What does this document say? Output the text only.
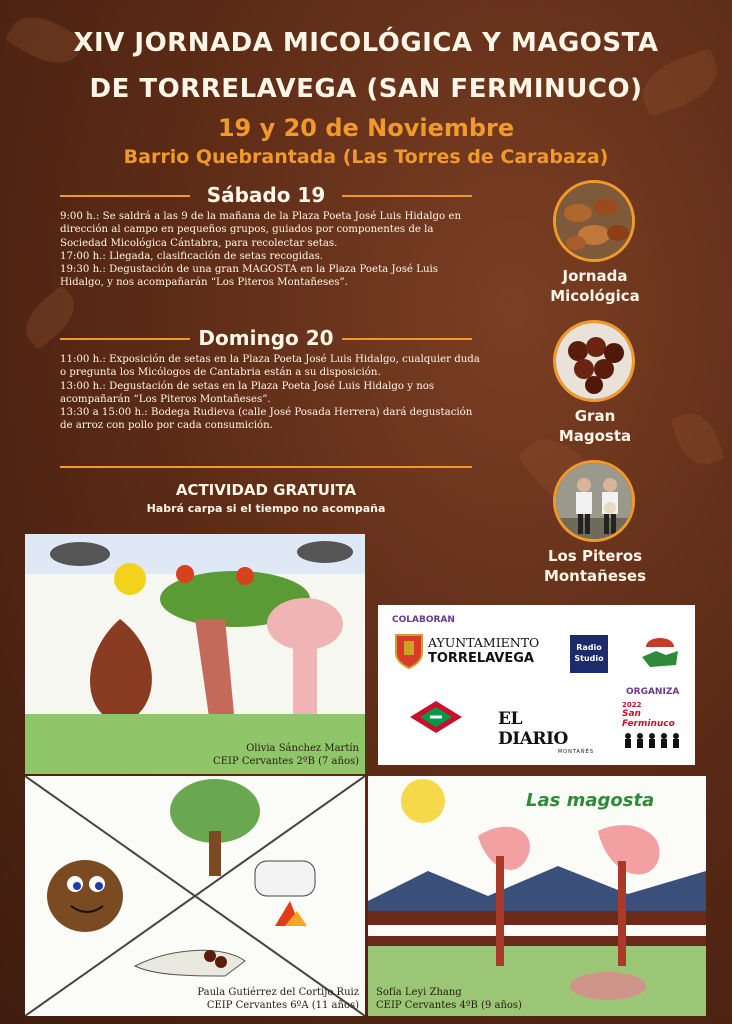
XIV JORNADA MICOLÓGICA Y MAGOSTA
DE TORRELAVEGA (SAN FERMINUCO)
19 y 20 de Noviembre
Barrio Quebrantada (Las Torres de Carabaza)
Sábado 19

9:00 h.: Se saldrá a las 9 de la mañana de la Plaza Poeta José Luis Hidalgo en dirección al campo en pequeños grupos, guiados por componentes de la Sociedad Micológica Cántabra, para recolectar setas.

17:00 h.: Llegada, clasificación de setas recogidas.

19:30 h.: Degustación de una gran MAGOSTA en la Plaza Poeta José Luis Hidalgo, y nos acompañarán “Los Piteros Montañeses”.

Domingo 20

11:00 h.: Exposición de setas en la Plaza Poeta José Luis Hidalgo, cualquier duda o pregunta los Micólogos de Cantabria están a su disposición.

13:00 h.: Degustación de setas en la Plaza Poeta José Luis Hidalgo y nos acompañarán “Los Piteros Montañeses”.

13:30 a 15:00 h.: Bodega Rudieva (calle José Posada Herrera) dará degustación de arroz con pollo por cada consumición.

ACTIVIDAD GRATUITA
Habrá carpa si el tiempo no acompaña
Jornada
Micológica
Gran
Magosta
Los Piteros
Montañeses
Olivia Sánchez Martín
CEIP Cervantes 2ºB (7 años)
COLABORAN
AYUNTAMIENTO
TORRELAVEGA
Radio
Studio
ORGANIZA
EL DIARIO
MONTAÑÉS
2022
San Ferminuco
Paula Gutiérrez del Cortijo Ruiz
CEIP Cervantes 6ºA (11 años)
Las magosta
Sofía Leyi Zhang
CEIP Cervantes 4ºB (9 años)
